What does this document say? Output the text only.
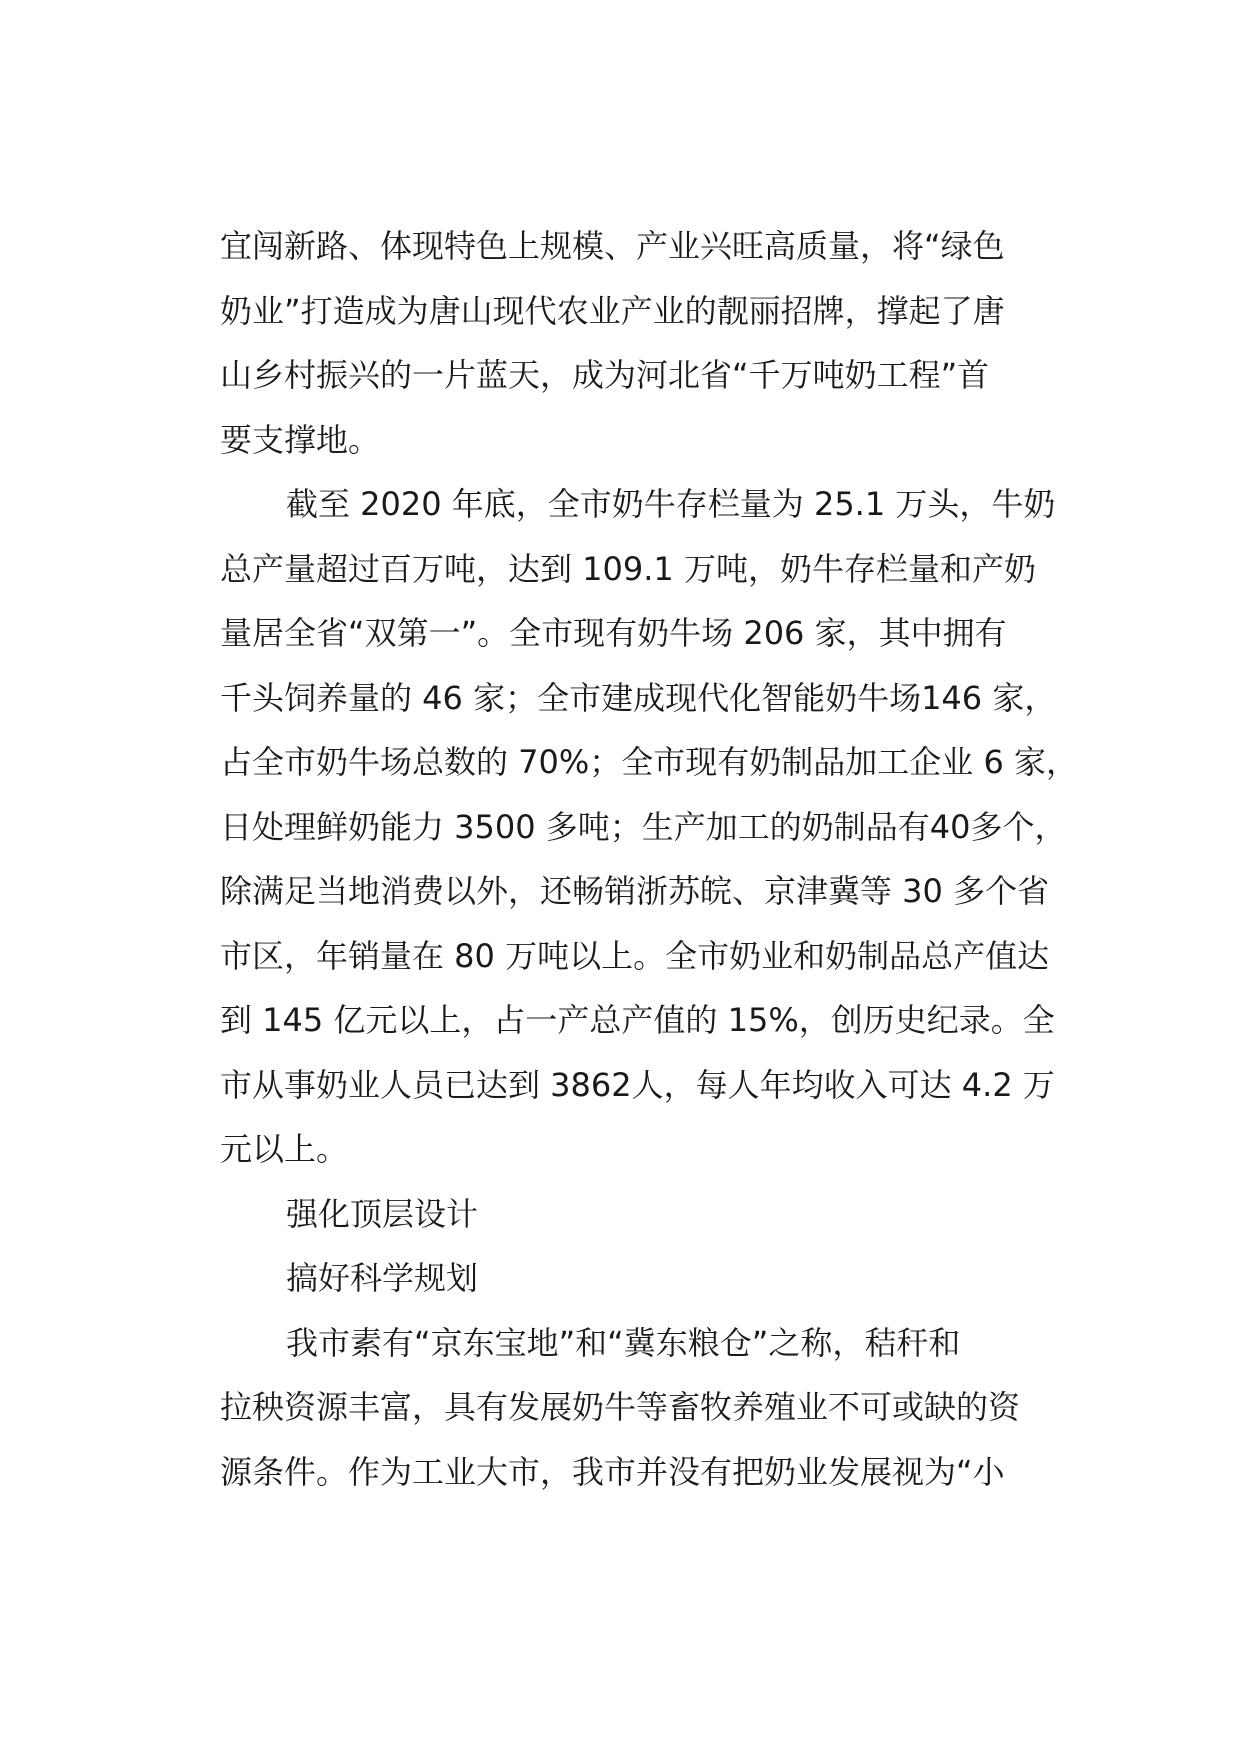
宜闯新路、体现特色上规模、产业兴旺高质量，将“绿色
奶业”打造成为唐山现代农业产业的靓丽招牌，撑起了唐
山乡村振兴的一片蓝天，成为河北省“千万吨奶工程”首
要支撑地。

截至 2020 年底，全市奶牛存栏量为 25.1 万头，牛奶
总产量超过百万吨，达到 109.1 万吨，奶牛存栏量和产奶
量居全省“双第一”。全市现有奶牛场 206 家，其中拥有
千头饲养量的 46 家；全市建成现代化智能奶牛场146 家，
占全市奶牛场总数的 70%；全市现有奶制品加工企业 6 家，
日处理鲜奶能力 3500 多吨；生产加工的奶制品有40多个，
除满足当地消费以外，还畅销浙苏皖、京津冀等 30 多个省
市区，年销量在 80 万吨以上。全市奶业和奶制品总产值达
到 145 亿元以上，占一产总产值的 15%，创历史纪录。全
市从事奶业人员已达到 3862人，每人年均收入可达 4.2 万
元以上。

强化顶层设计

搞好科学规划

我市素有“京东宝地”和“冀东粮仓”之称，秸秆和
拉秧资源丰富，具有发展奶牛等畜牧养殖业不可或缺的资
源条件。作为工业大市，我市并没有把奶业发展视为“小
